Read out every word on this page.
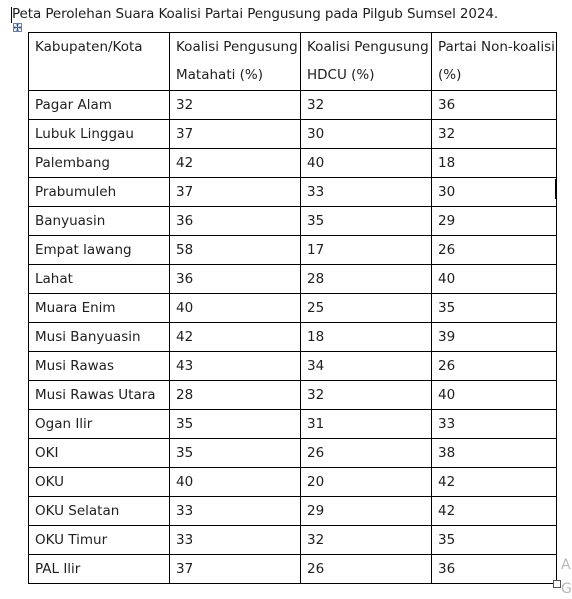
Peta Perolehan Suara Koalisi Partai Pengusung pada Pilgub Sumsel 2024.
Kabupaten/Kota	Koalisi Pengusung Matahati (%)	Koalisi Pengusung HDCU (%)	Partai Non-koalisi (%)
Pagar Alam	32	32	36
Lubuk Linggau	37	30	32
Palembang	42	40	18
Prabumuleh	37	33	30
Banyuasin	36	35	29
Empat lawang	58	17	26
Lahat	36	28	40
Muara Enim	40	25	35
Musi Banyuasin	42	18	39
Musi Rawas	43	34	26
Musi Rawas Utara	28	32	40
Ogan Ilir	35	31	33
OKI	35	26	38
OKU	40	20	42
OKU Selatan	33	29	42
OKU Timur	33	32	35
PAL Ilir	37	26	36	A
G
